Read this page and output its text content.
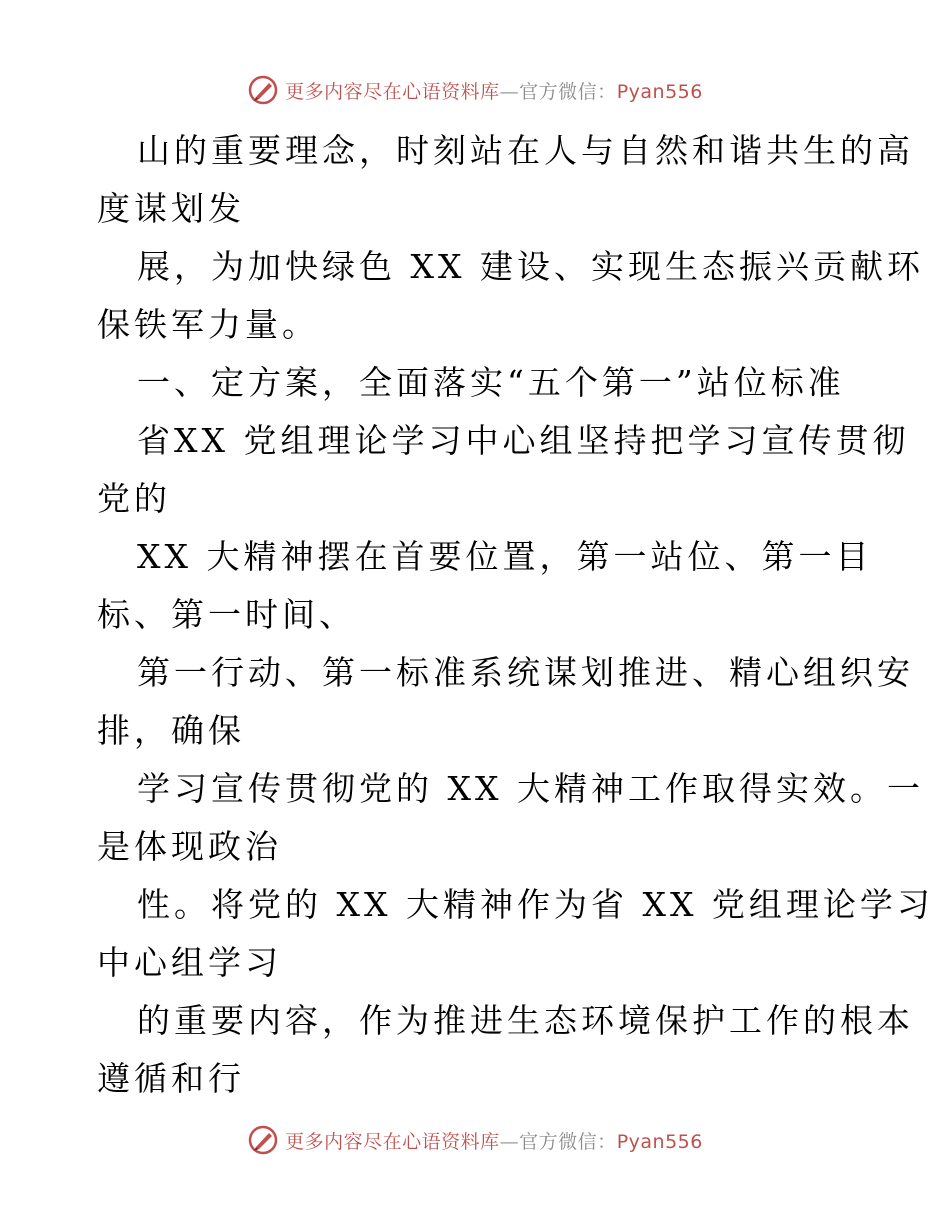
更多内容尽在心语资料库—官方微信：Pyan556
山的重要理念，时刻站在人与自然和谐共生的高
度谋划发
展，为加快绿色 XX 建设、实现生态振兴贡献环
保铁军力量。
一、定方案，全面落实“五个第一”站位标准
省XX 党组理论学习中心组坚持把学习宣传贯彻
党的
XX 大精神摆在首要位置，第一站位、第一目
标、第一时间、
第一行动、第一标准系统谋划推进、精心组织安
排，确保
学习宣传贯彻党的 XX 大精神工作取得实效。一
是体现政治
性。将党的 XX 大精神作为省 XX 党组理论学习
中心组学习
的重要内容，作为推进生态环境保护工作的根本
遵循和行
更多内容尽在心语资料库—官方微信：Pyan556
